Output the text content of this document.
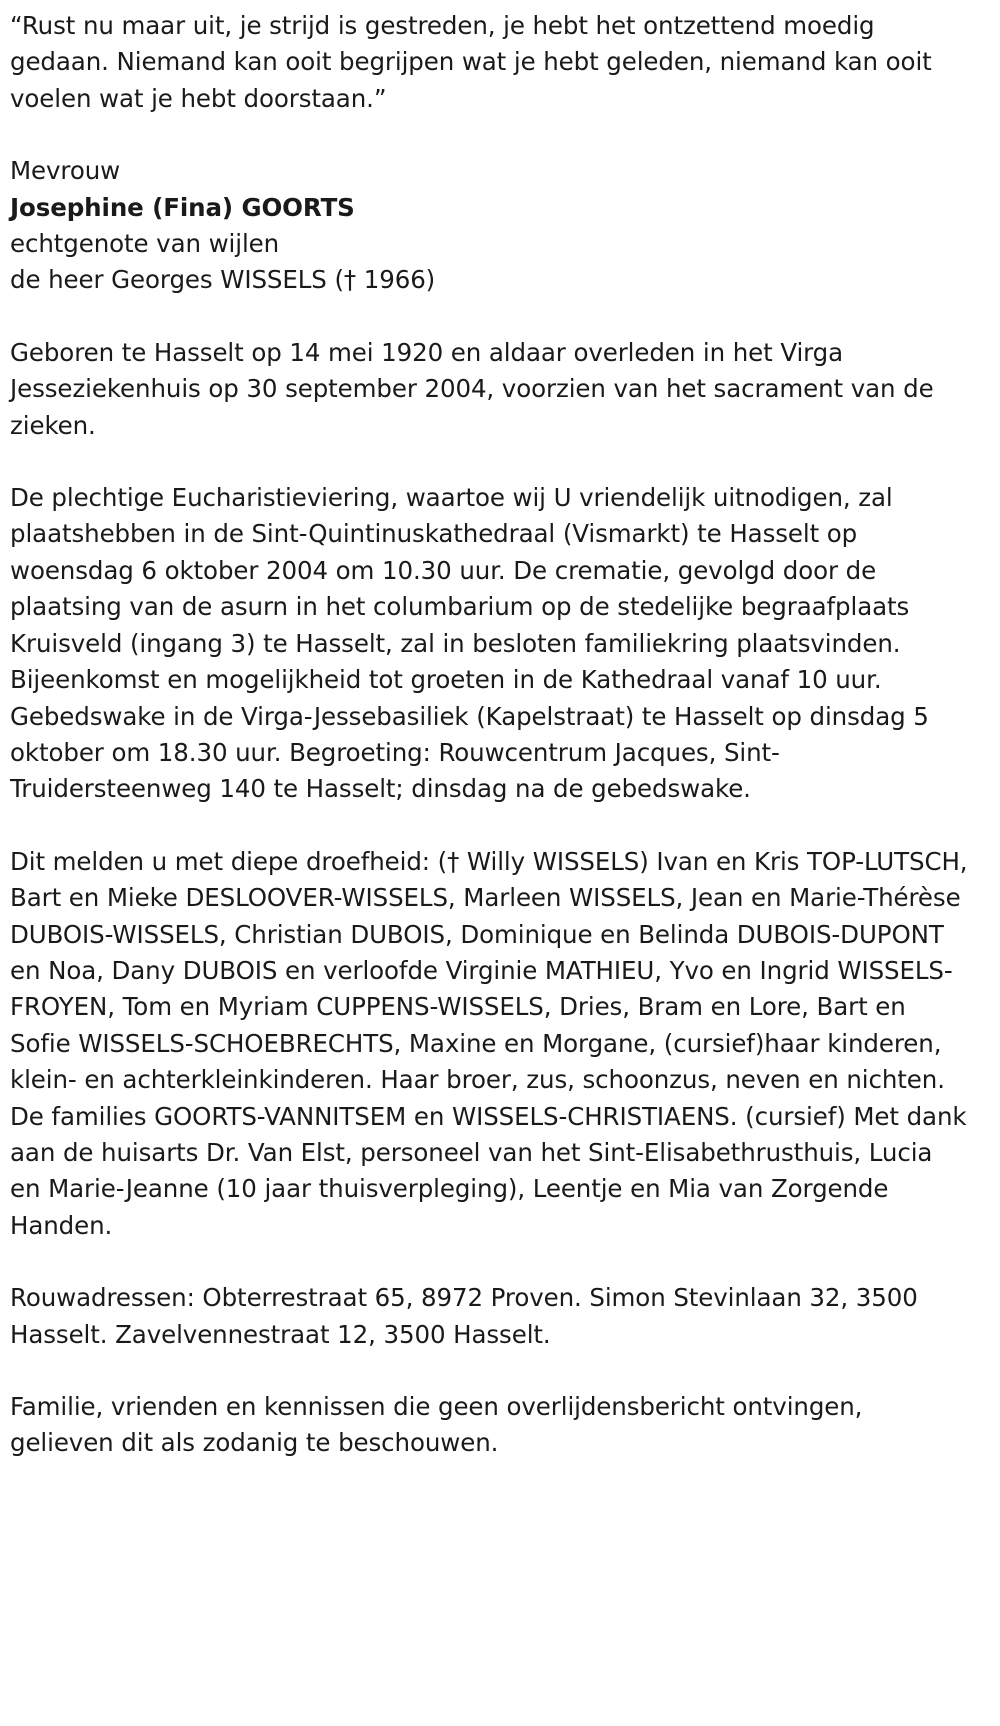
“Rust nu maar uit, je strijd is gestreden, je hebt het ontzettend moedig gedaan. Niemand kan ooit begrijpen wat je hebt geleden, niemand kan ooit voelen wat je hebt doorstaan.”

Mevrouw

Josephine (Fina) GOORTS

echtgenote van wijlen

de heer Georges WISSELS († 1966)

Geboren te Hasselt op 14 mei 1920 en aldaar overleden in het Virga Jesseziekenhuis op 30 september 2004, voorzien van het sacrament van de zieken.

De plechtige Eucharistieviering, waartoe wij U vriendelijk uitnodigen, zal plaatshebben in de Sint-Quintinuskathedraal (Vismarkt) te Hasselt op woensdag 6 oktober 2004 om 10.30 uur. De crematie, gevolgd door de plaatsing van de asurn in het columbarium op de stedelijke begraafplaats Kruisveld (ingang 3) te Hasselt, zal in besloten familiekring plaatsvinden. Bijeenkomst en mogelijkheid tot groeten in de Kathedraal vanaf 10 uur. Gebedswake in de Virga-Jessebasiliek (Kapelstraat) te Hasselt op dinsdag 5 oktober om 18.30 uur. Begroeting: Rouwcentrum Jacques, Sint-Truidersteenweg 140 te Hasselt; dinsdag na de gebedswake.

Dit melden u met diepe droefheid: († Willy WISSELS) Ivan en Kris TOP-LUTSCH, Bart en Mieke DESLOOVER-WISSELS, Marleen WISSELS, Jean en Marie-Thérèse DUBOIS-WISSELS, Christian DUBOIS, Dominique en Belinda DUBOIS-DUPONT en Noa, Dany DUBOIS en verloofde Virginie MATHIEU, Yvo en Ingrid WISSELS-FROYEN, Tom en Myriam CUPPENS-WISSELS, Dries, Bram en Lore, Bart en Sofie WISSELS-SCHOEBRECHTS, Maxine en Morgane, (cursief)haar kinderen, klein- en achterkleinkinderen. Haar broer, zus, schoonzus, neven en nichten. De families GOORTS-VANNITSEM en WISSELS-CHRISTIAENS. (cursief) Met dank aan de huisarts Dr. Van Elst, personeel van het Sint-Elisabethrusthuis, Lucia en Marie-Jeanne (10 jaar thuisverpleging), Leentje en Mia van Zorgende Handen.

Rouwadressen: Obterrestraat 65, 8972 Proven. Simon Stevinlaan 32, 3500 Hasselt. Zavelvennestraat 12, 3500 Hasselt.

Familie, vrienden en kennissen die geen overlijdensbericht ontvingen, gelieven dit als zodanig te beschouwen.
